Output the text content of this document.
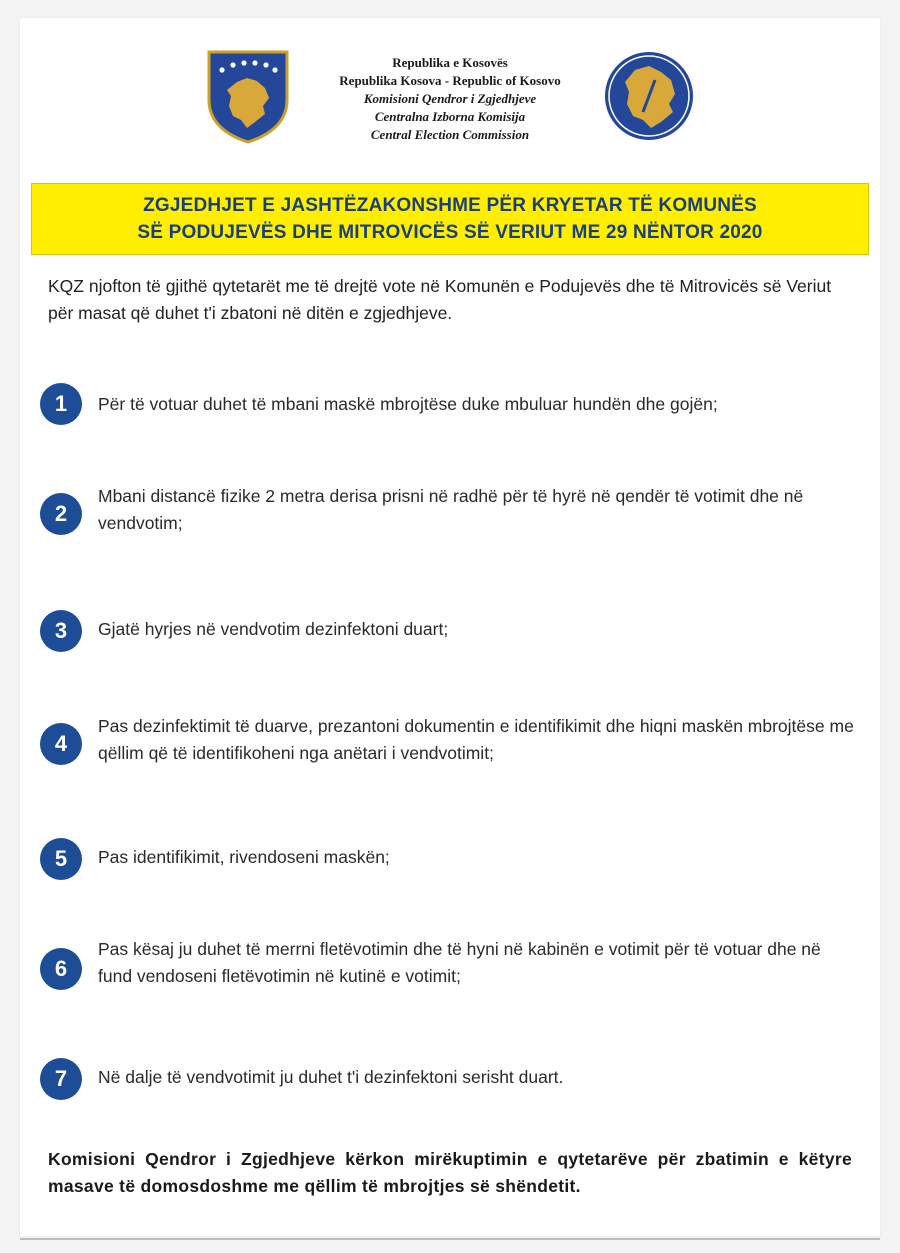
Republika e Kosovës
Republika Kosova - Republic of Kosovo
Komisioni Qendror i Zgjedhjeve
Centralna Izborna Komisija
Central Election Commission
ZGJEDHJET E JASHTËZAKONSHME PËR KRYETAR TË KOMUNËS
SË PODUJEVËS DHE MITROVICËS SË VERIUT ME 29 NËNTOR 2020
KQZ njofton të gjithë qytetarët me të drejtë vote në Komunën e Podujevës dhe të Mitrovicës së Veriut për masat që duhet t'i zbatoni në ditën e zgjedhjeve.
1	Për të votuar duhet të mbani maskë mbrojtëse duke mbuluar hundën dhe gojën;
2
Mbani distancë fizike 2 metra derisa prisni në radhë për të hyrë në qendër të votimit dhe në vendvotim;
3	Gjatë hyrjes në vendvotim dezinfektoni duart;
4
Pas dezinfektimit të duarve, prezantoni dokumentin e identifikimit dhe hiqni maskën mbrojtëse me qëllim që të identifikoheni nga anëtari i vendvotimit;
5	Pas identifikimit, rivendoseni maskën;
6
Pas kësaj ju duhet të merrni fletëvotimin dhe të hyni në kabinën e votimit për të votuar dhe në fund vendoseni fletëvotimin në kutinë e votimit;
7	Në dalje të vendvotimit ju duhet t'i dezinfektoni serisht duart.
Komisioni Qendror i Zgjedhjeve kërkon mirëkuptimin e qytetarëve për zbatimin e këtyre masave të domosdoshme me qëllim të mbrojtjes së shëndetit.
